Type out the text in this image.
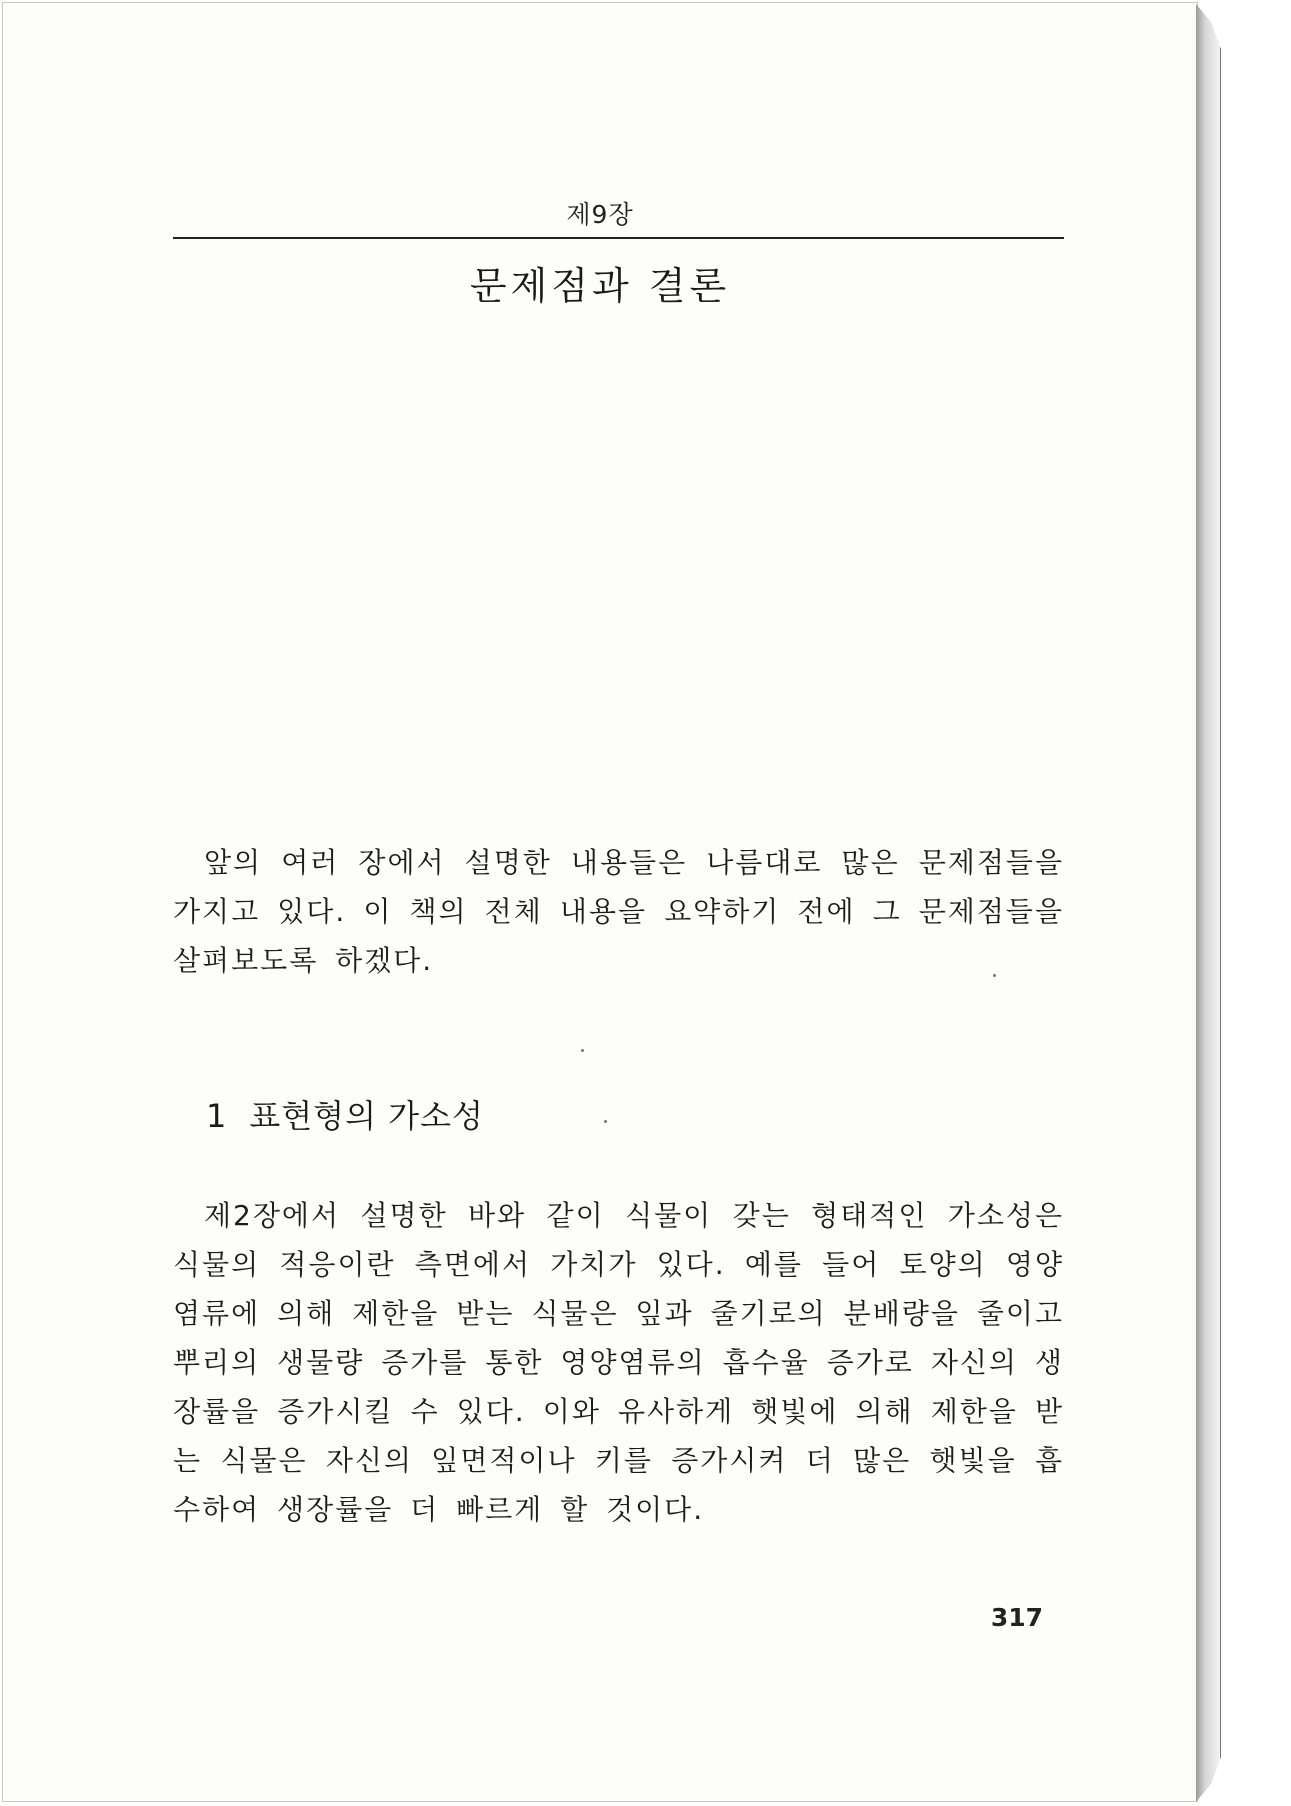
제9장
문제점과 결론

앞의 여러 장에서 설명한 내용들은 나름대로 많은 문제점들을 가지고 있다. 이 책의 전체 내용을 요약하기 전에 그 문제점들을 살펴보도록 하겠다.

1 표현형의 가소성

제2장에서 설명한 바와 같이 식물이 갖는 형태적인 가소성은 식물의 적응이란 측면에서 가치가 있다. 예를 들어 토양의 영양염류에 의해 제한을 받는 식물은 잎과 줄기로의 분배량을 줄이고 뿌리의 생물량 증가를 통한 영양염류의 흡수율 증가로 자신의 생장률을 증가시킬 수 있다. 이와 유사하게 햇빛에 의해 제한을 받는 식물은 자신의 잎면적이나 키를 증가시켜 더 많은 햇빛을 흡수하여 생장률을 더 빠르게 할 것이다.

317
